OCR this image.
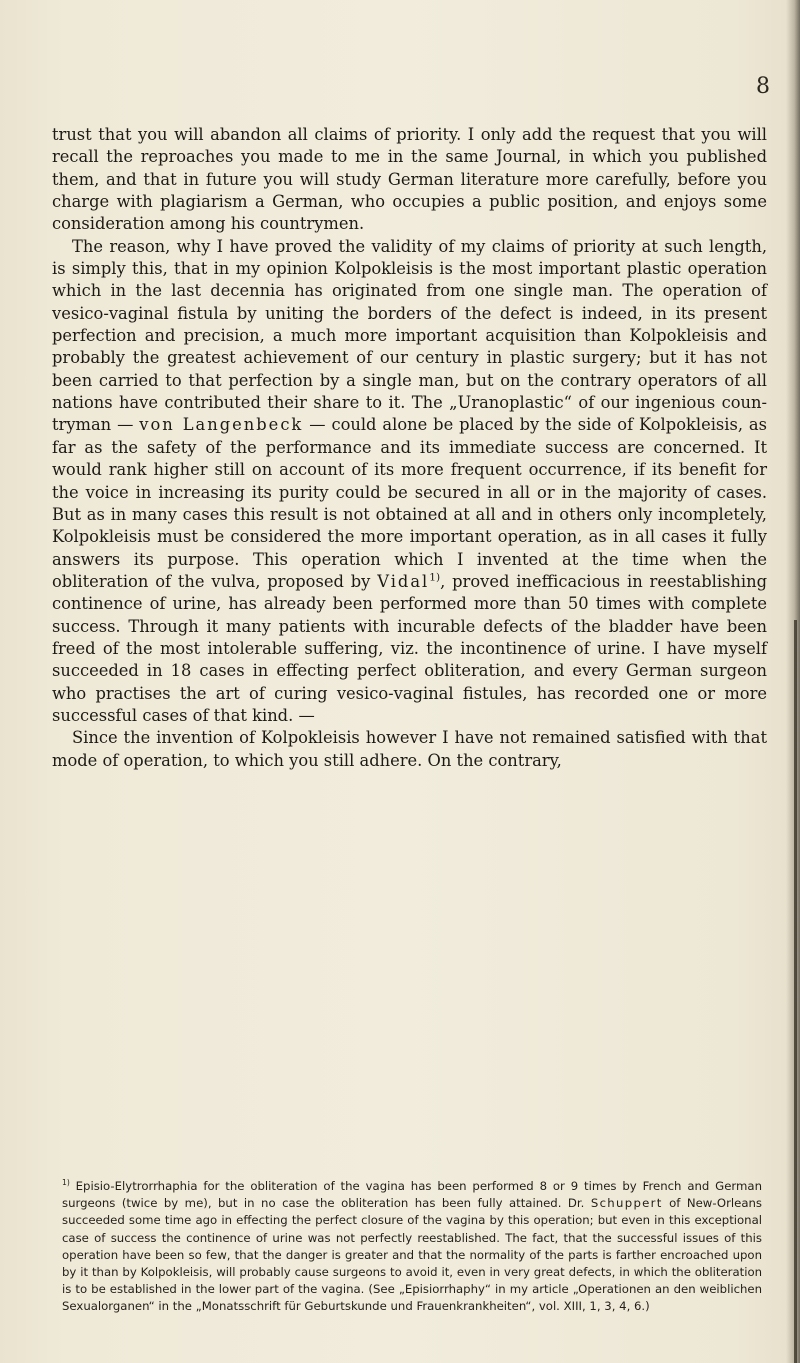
8

trust that you will abandon all claims of priority. I only add the request that you will recall the reproaches you made to me in the same Journal, in which you published them, and that in future you will study German literature more carefully, before you charge with plagiarism a German, who occupies a public position, and enjoys some consideration among his countrymen.

The reason, why I have proved the validity of my claims of priority at such length, is simply this, that in my opinion Kolpokleisis is the most important plastic operation which in the last decennia has originated from one single man. The operation of vesico-vaginal fistula by uniting the borders of the defect is indeed, in its present perfection and precision, a much more important acquisition than Kolpokleisis and probably the greatest achievement of our century in plastic surgery; but it has not been carried to that perfection by a single man, but on the contrary operators of all nations have contributed their share to it. The „Uranoplastic“ of our ingenious countryman — von Langenbeck — could alone be placed by the side of Kolpokleisis, as far as the safety of the performance and its immediate success are concerned. It would rank higher still on account of its more frequent occurrence, if its benefit for the voice in increasing its purity could be secured in all or in the majority of cases. But as in many cases this result is not obtained at all and in others only incompletely, Kolpokleisis must be considered the more important operation, as in all cases it fully answers its purpose. This operation which I invented at the time when the obliteration of the vulva, proposed by Vidal$^{1)}$, proved inefficacious in reestablishing continence of urine, has already been performed more than 50 times with complete success. Through it many patients with incurable defects of the bladder have been freed of the most intolerable suffering, viz. the incontinence of urine. I have myself succeeded in 18 cases in effecting perfect obliteration, and every German surgeon who practises the art of curing vesico-vaginal fistules, has recorded one or more successful cases of that kind. —

Since the invention of Kolpokleisis however I have not remained satisfied with that mode of operation, to which you still adhere. On the contrary,

$^{1)}$ Episio-Elytrorrhaphia for the obliteration of the vagina has been performed 8 or 9 times by French and German surgeons (twice by me), but in no case the obliteration has been fully attained. Dr. Schuppert of New-Orleans succeeded some time ago in effecting the perfect closure of the vagina by this operation; but even in this exceptional case of success the continence of urine was not perfectly reestablished. The fact, that the successful issues of this operation have been so few, that the danger is greater and that the normality of the parts is farther encroached upon by it than by Kolpokleisis, will probably cause surgeons to avoid it, even in very great defects, in which the obliteration is to be established in the lower part of the vagina. (See „Episiorrhaphy“ in my article „Operationen an den weiblichen Sexualorganen“ in the „Monatsschrift für Geburtskunde und Frauenkrankheiten“, vol. XIII, 1, 3, 4, 6.)
